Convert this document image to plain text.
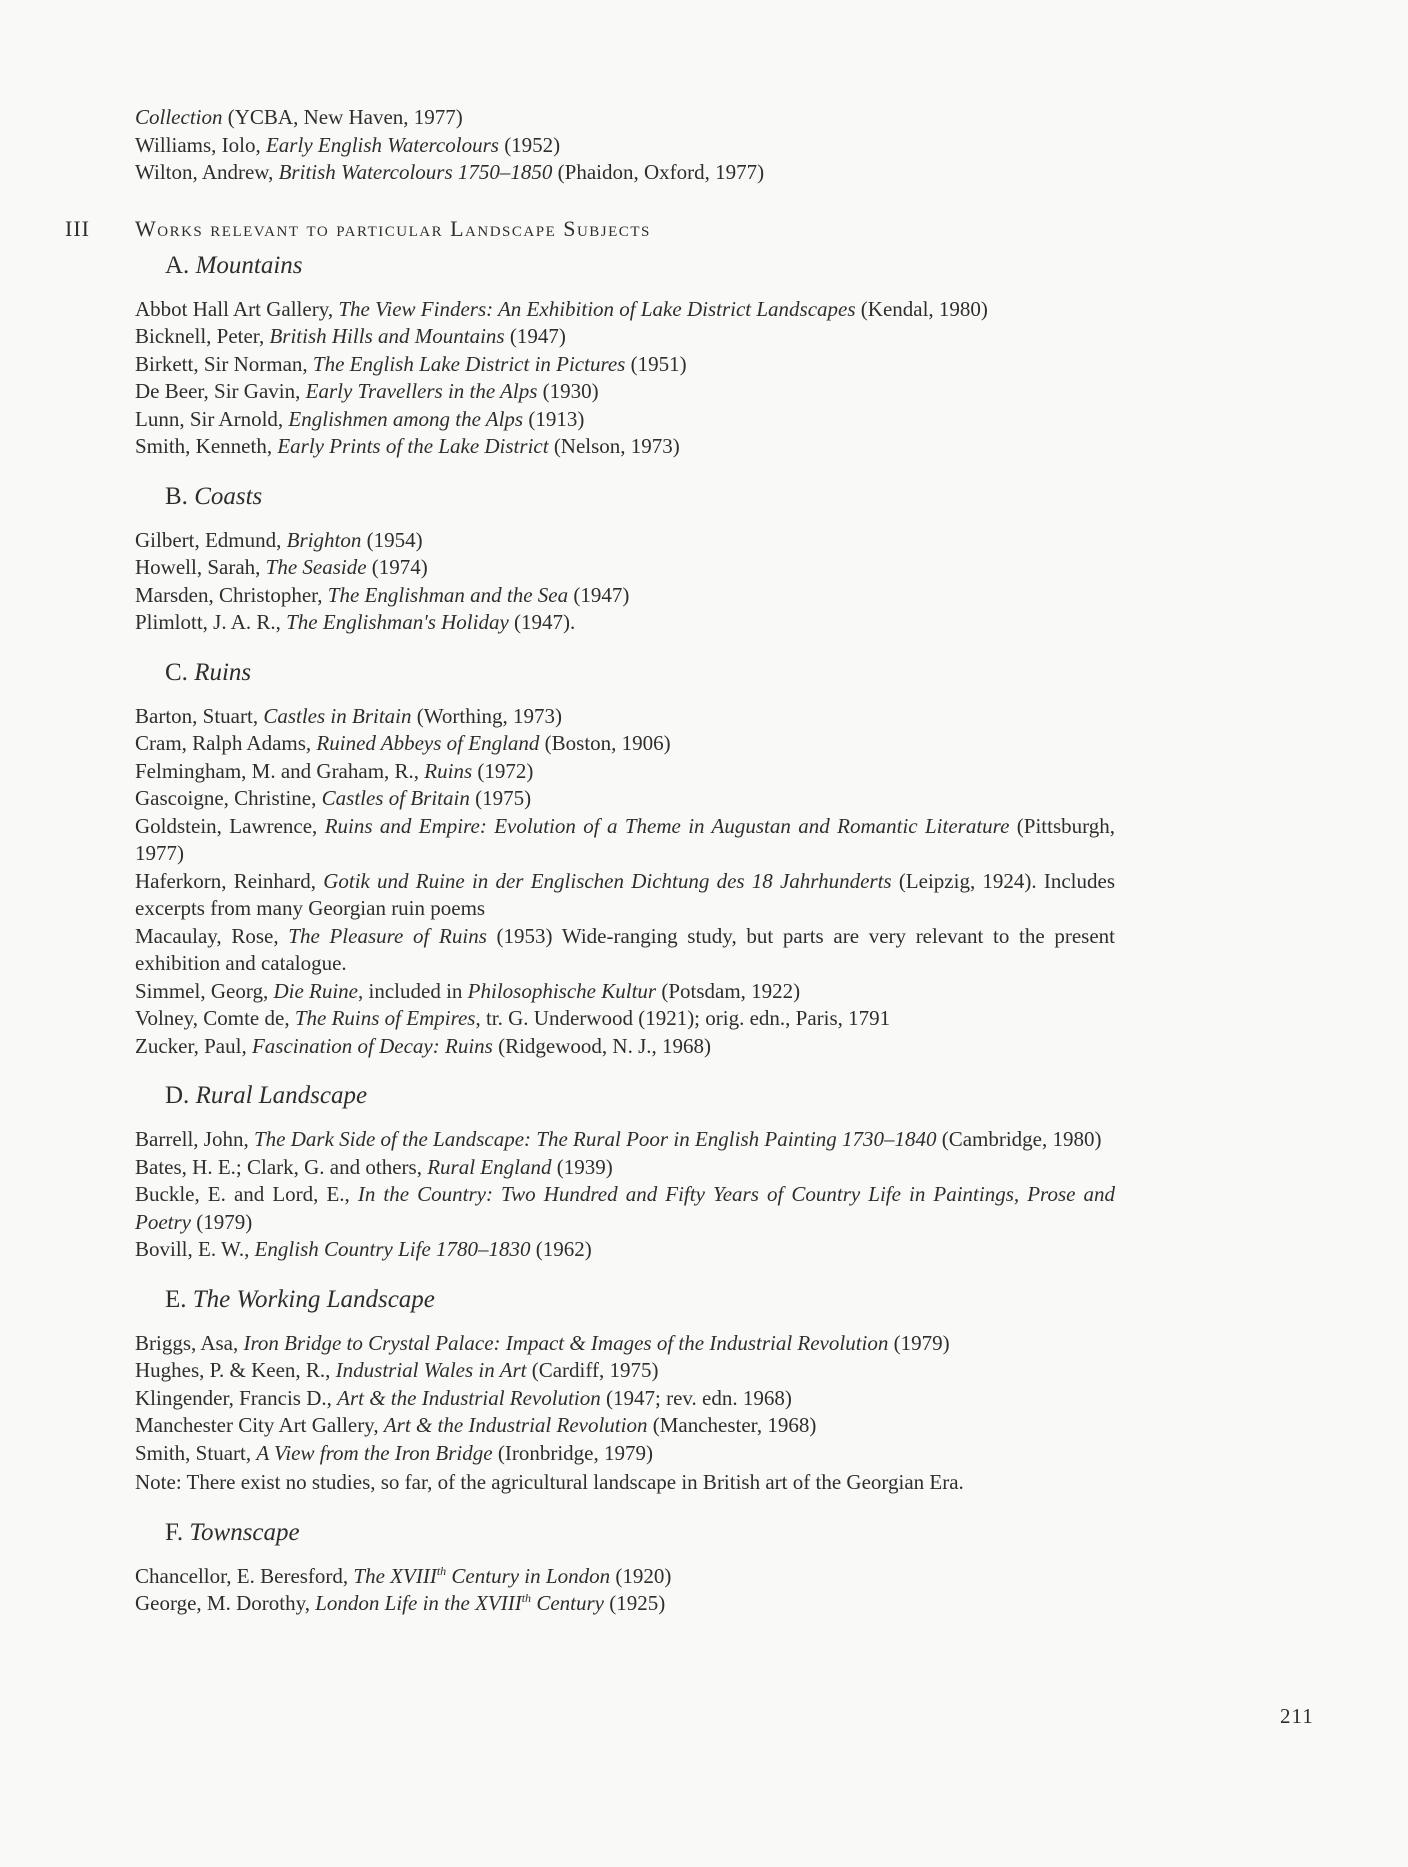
Collection (YCBA, New Haven, 1977)
Williams, Iolo, Early English Watercolours (1952)
Wilton, Andrew, British Watercolours 1750–1850 (Phaidon, Oxford, 1977)
III Works relevant to particular Landscape Subjects
A. Mountains
Abbot Hall Art Gallery, The View Finders: An Exhibition of Lake District Landscapes (Kendal, 1980)
Bicknell, Peter, British Hills and Mountains (1947)
Birkett, Sir Norman, The English Lake District in Pictures (1951)
De Beer, Sir Gavin, Early Travellers in the Alps (1930)
Lunn, Sir Arnold, Englishmen among the Alps (1913)
Smith, Kenneth, Early Prints of the Lake District (Nelson, 1973)
B. Coasts
Gilbert, Edmund, Brighton (1954)
Howell, Sarah, The Seaside (1974)
Marsden, Christopher, The Englishman and the Sea (1947)
Plimlott, J. A. R., The Englishman's Holiday (1947).
C. Ruins
Barton, Stuart, Castles in Britain (Worthing, 1973)
Cram, Ralph Adams, Ruined Abbeys of England (Boston, 1906)
Felmingham, M. and Graham, R., Ruins (1972)
Gascoigne, Christine, Castles of Britain (1975)
Goldstein, Lawrence, Ruins and Empire: Evolution of a Theme in Augustan and Romantic Literature (Pittsburgh, 1977)
Haferkorn, Reinhard, Gotik und Ruine in der Englischen Dichtung des 18 Jahrhunderts (Leipzig, 1924). Includes excerpts from many Georgian ruin poems
Macaulay, Rose, The Pleasure of Ruins (1953) Wide-ranging study, but parts are very relevant to the present exhibition and catalogue.
Simmel, Georg, Die Ruine, included in Philosophische Kultur (Potsdam, 1922)
Volney, Comte de, The Ruins of Empires, tr. G. Underwood (1921); orig. edn., Paris, 1791
Zucker, Paul, Fascination of Decay: Ruins (Ridgewood, N. J., 1968)
D. Rural Landscape
Barrell, John, The Dark Side of the Landscape: The Rural Poor in English Painting 1730–1840 (Cambridge, 1980)
Bates, H. E.; Clark, G. and others, Rural England (1939)
Buckle, E. and Lord, E., In the Country: Two Hundred and Fifty Years of Country Life in Paintings, Prose and Poetry (1979)
Bovill, E. W., English Country Life 1780–1830 (1962)
E. The Working Landscape
Briggs, Asa, Iron Bridge to Crystal Palace: Impact & Images of the Industrial Revolution (1979)
Hughes, P. & Keen, R., Industrial Wales in Art (Cardiff, 1975)
Klingender, Francis D., Art & the Industrial Revolution (1947; rev. edn. 1968)
Manchester City Art Gallery, Art & the Industrial Revolution (Manchester, 1968)
Smith, Stuart, A View from the Iron Bridge (Ironbridge, 1979)
Note: There exist no studies, so far, of the agricultural landscape in British art of the Georgian Era.
F. Townscape
Chancellor, E. Beresford, The XVIIIth Century in London (1920)
George, M. Dorothy, London Life in the XVIIIth Century (1925)
211
